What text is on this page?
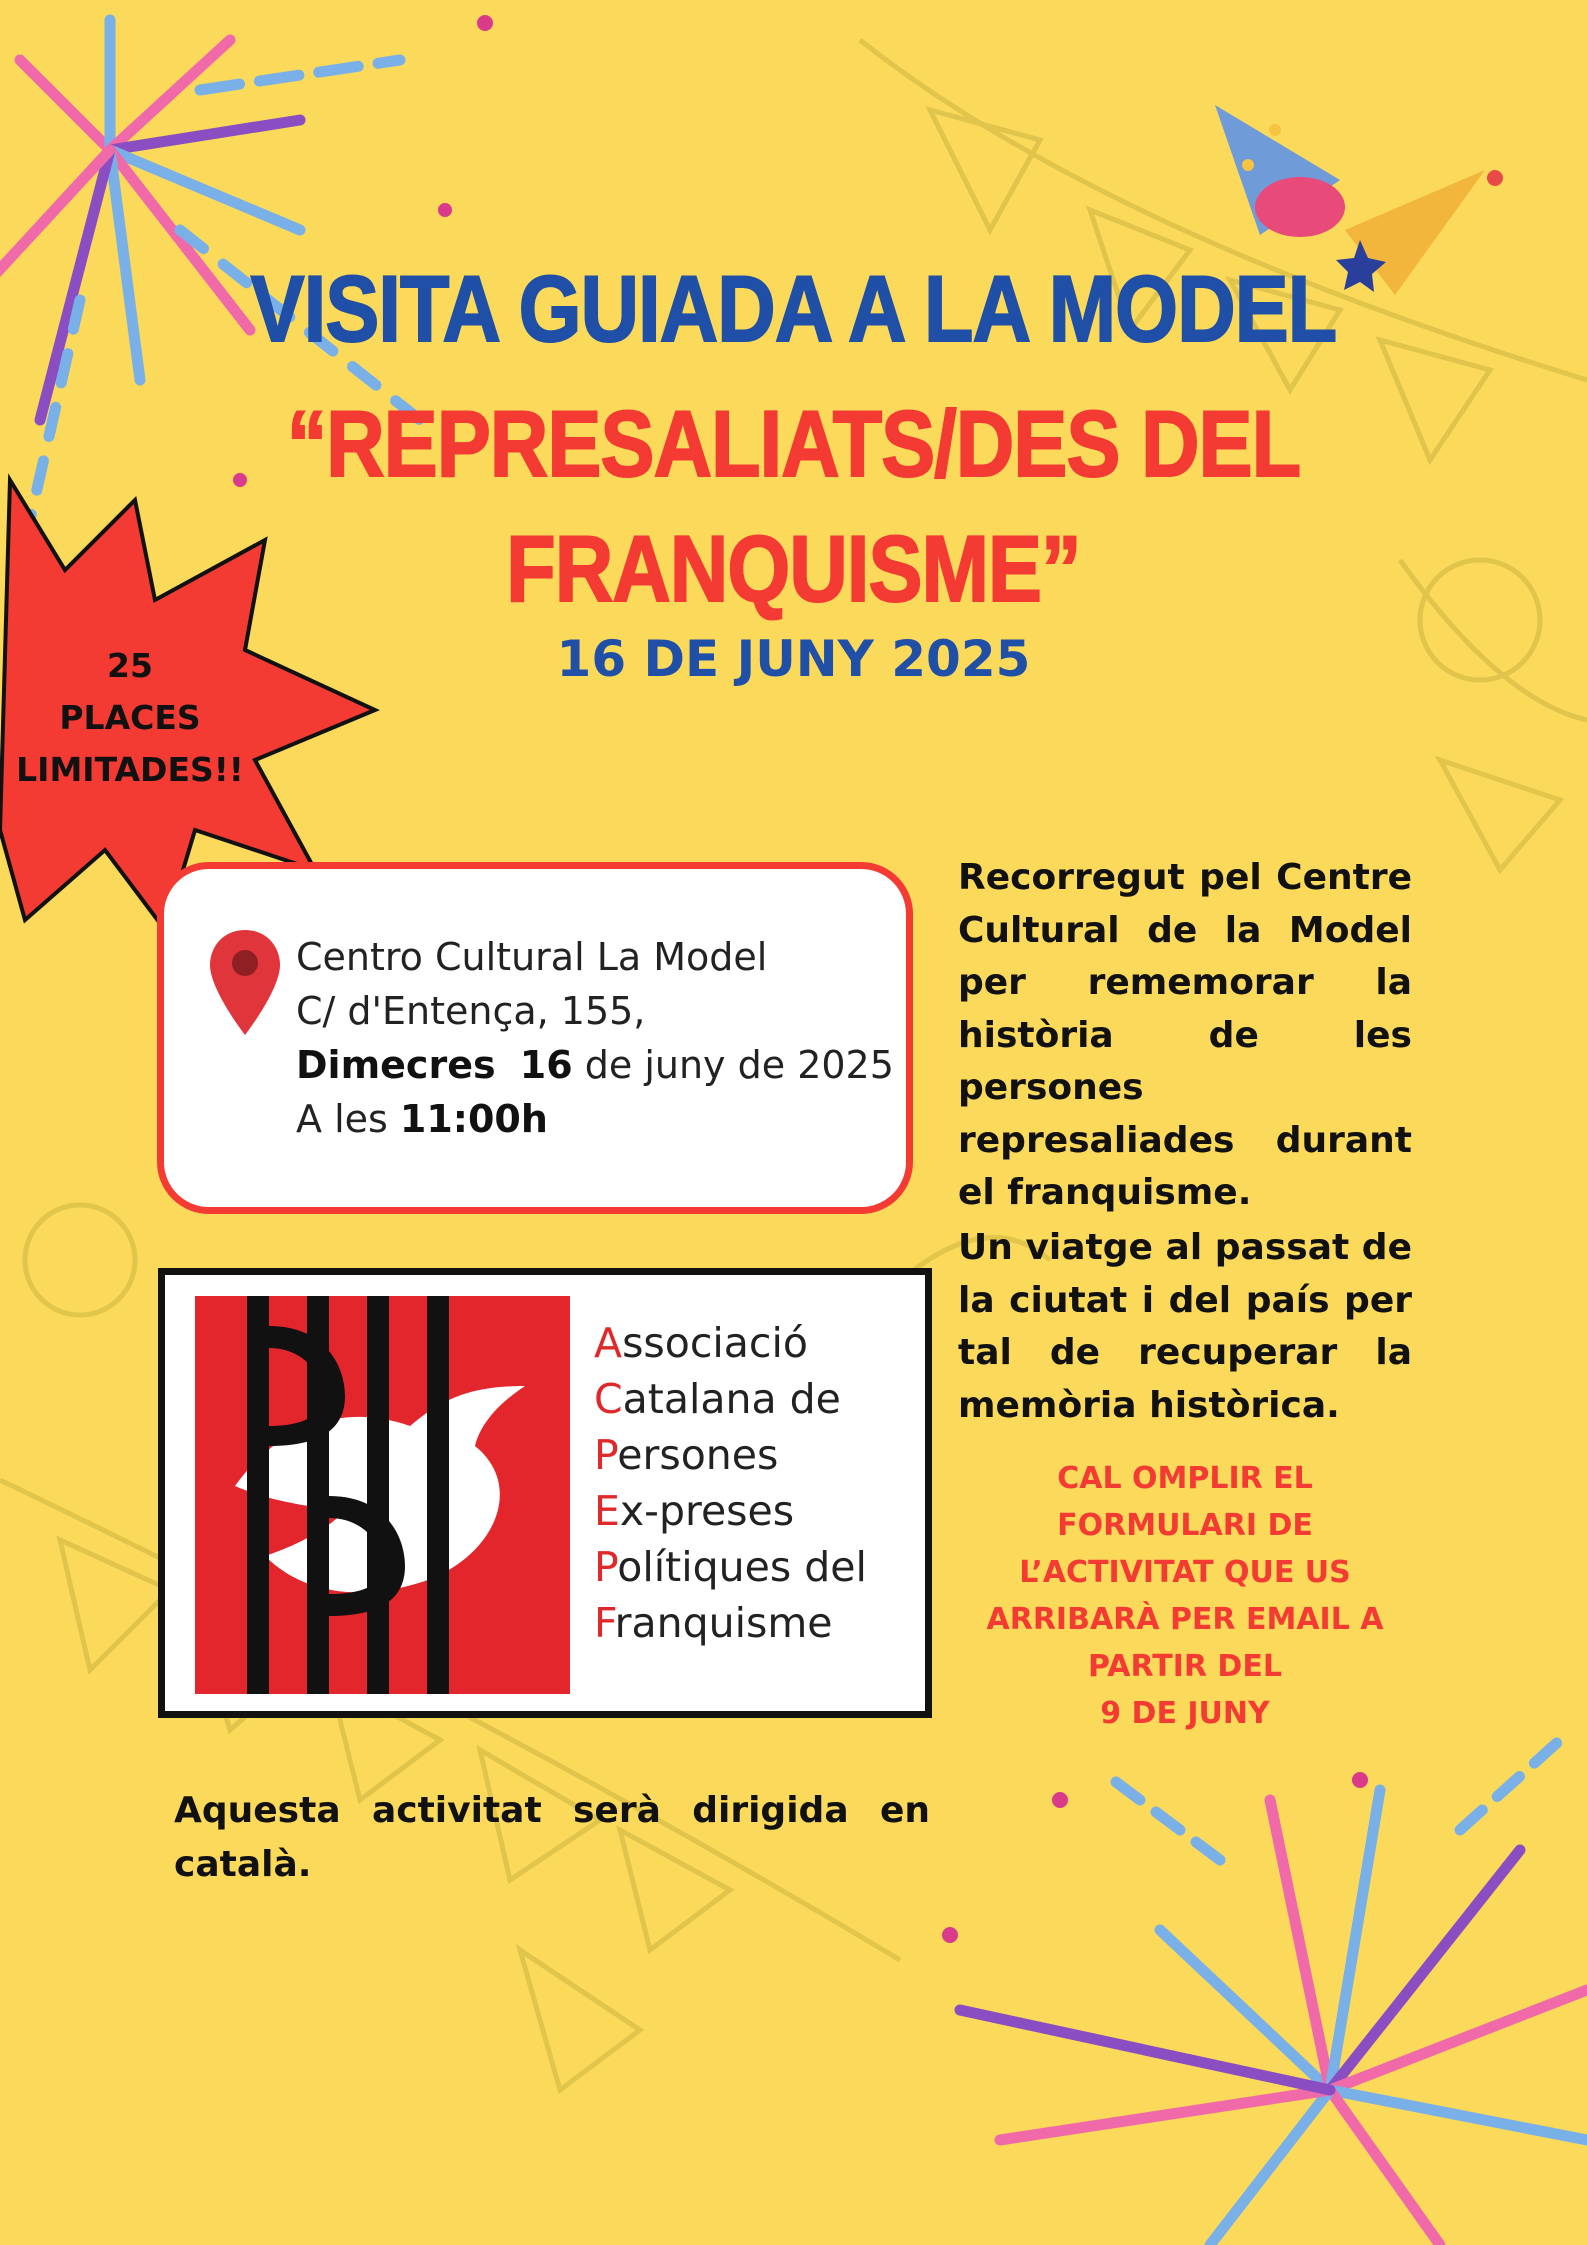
VISITA GUIADA A LA MODEL
“REPRESALIATS/DES DEL
FRANQUISME”
16 DE JUNY 2025
25
PLACES
LIMITADES!!
Centro Cultural La Model
C/ d'Entença, 155,
Dimecres 16 de juny de 2025
A les 11:00h
Associació
Catalana de
Persones
Ex-preses
Polítiques del
Franquisme
Recorregut pel Centre Cultural de la Model per rememorar la història de les persones represaliades durant el franquisme.
Un viatge al passat de la ciutat i del país per tal de recuperar la memòria històrica.
CAL OMPLIR EL
FORMULARI DE
L’ACTIVITAT QUE US
ARRIBARÀ PER EMAIL A
PARTIR DEL
9 DE JUNY
Aquesta activitat serà dirigida en català.
